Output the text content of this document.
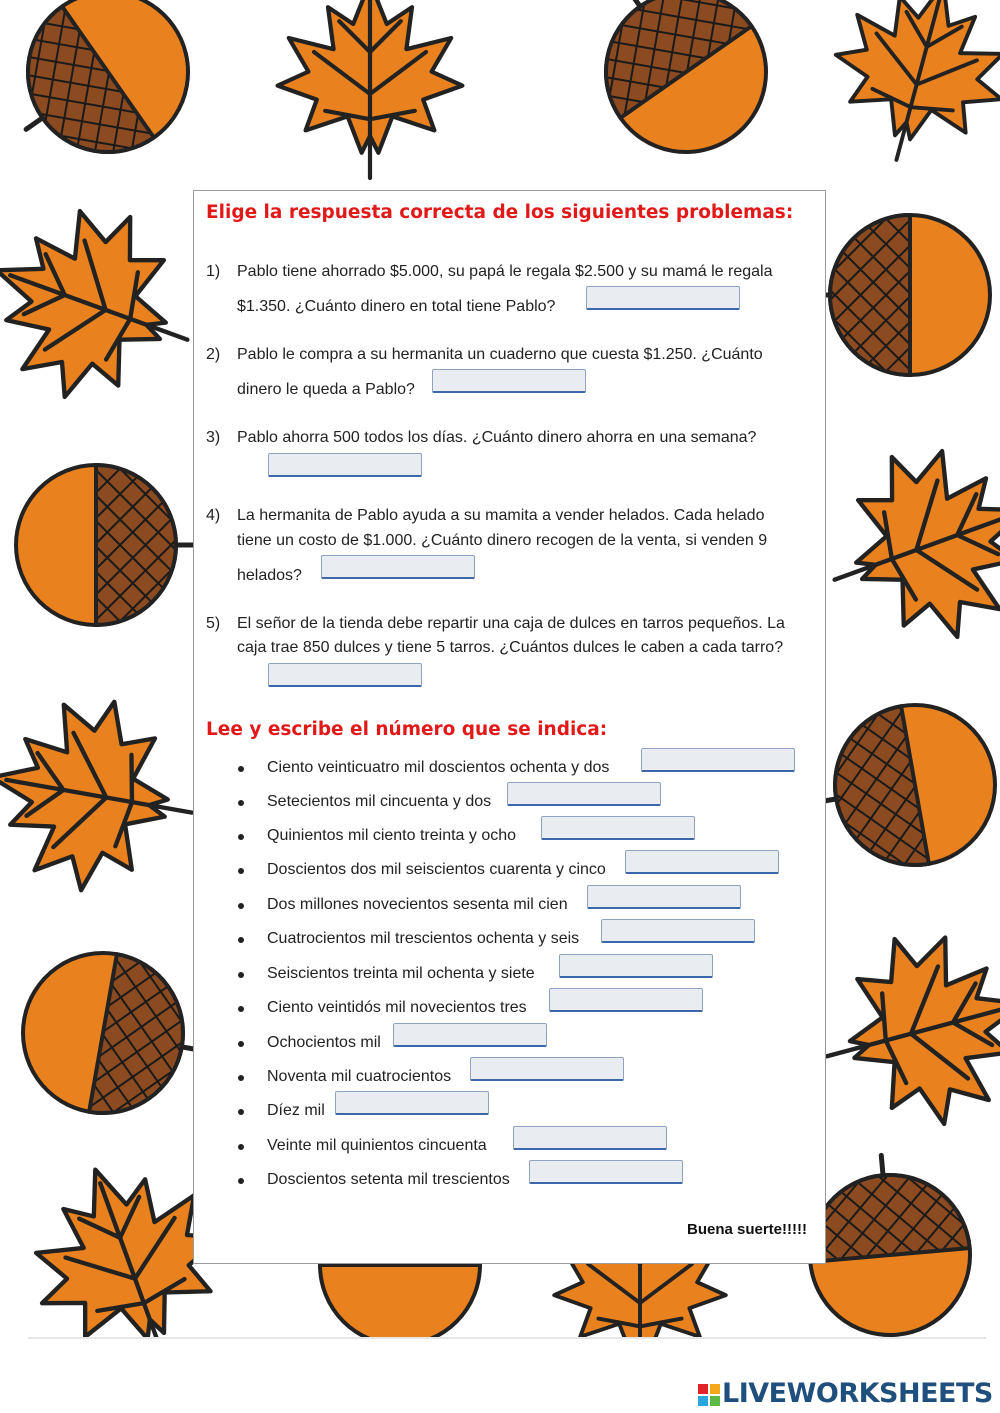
Elige la respuesta correcta de los siguientes problemas:
1) Pablo tiene ahorrado $5.000, su papá le regala $2.500 y su mamá le regala
$1.350. ¿Cuánto dinero en total tiene Pablo?
2) Pablo le compra a su hermanita un cuaderno que cuesta $1.250. ¿Cuánto
dinero le queda a Pablo?
3) Pablo ahorra 500 todos los días. ¿Cuánto dinero ahorra en una semana?
4) La hermanita de Pablo ayuda a su mamita a vender helados. Cada helado
tiene un costo de $1.000. ¿Cuánto dinero recogen de la venta, si venden 9
helados?
5) El señor de la tienda debe repartir una caja de dulces en tarros pequeños. La
caja trae 850 dulces y tiene 5 tarros. ¿Cuántos dulces le caben a cada tarro?
Lee y escribe el número que se indica:
Ciento veinticuatro mil doscientos ochenta y dos
Setecientos mil cincuenta y dos
Quinientos mil ciento treinta y ocho
Doscientos dos mil seiscientos cuarenta y cinco
Dos millones novecientos sesenta mil cien
Cuatrocientos mil trescientos ochenta y seis
Seiscientos treinta mil ochenta y siete
Ciento veintidós mil novecientos tres
Ochocientos mil
Noventa mil cuatrocientos
Díez mil
Veinte mil quinientos cincuenta
Doscientos setenta mil trescientos
Buena suerte!!!!!
LIVEWORKSHEETS
